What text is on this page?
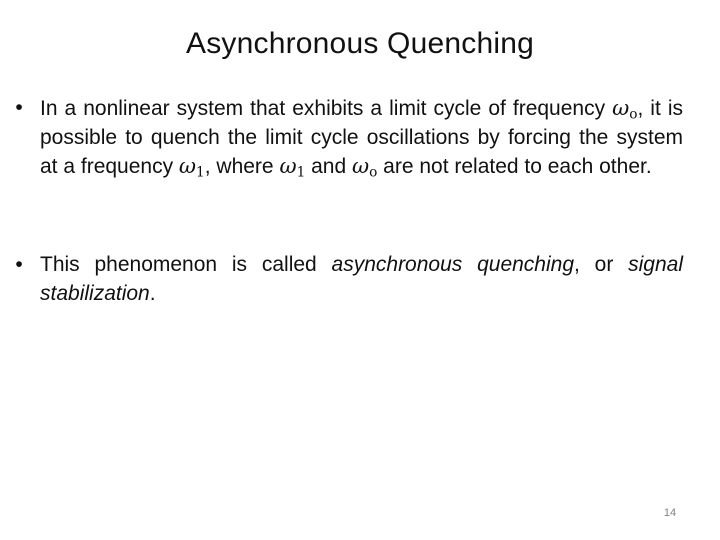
Asynchronous Quenching
• In a nonlinear system that exhibits a limit cycle of frequency $\omega_o$, it is possible to quench the limit cycle oscillations by forcing the system at a frequency $\omega_1$, where $\omega_1$ and $\omega_o$ are not related to each other.
• This phenomenon is called asynchronous quenching, or signal stabilization.
14
